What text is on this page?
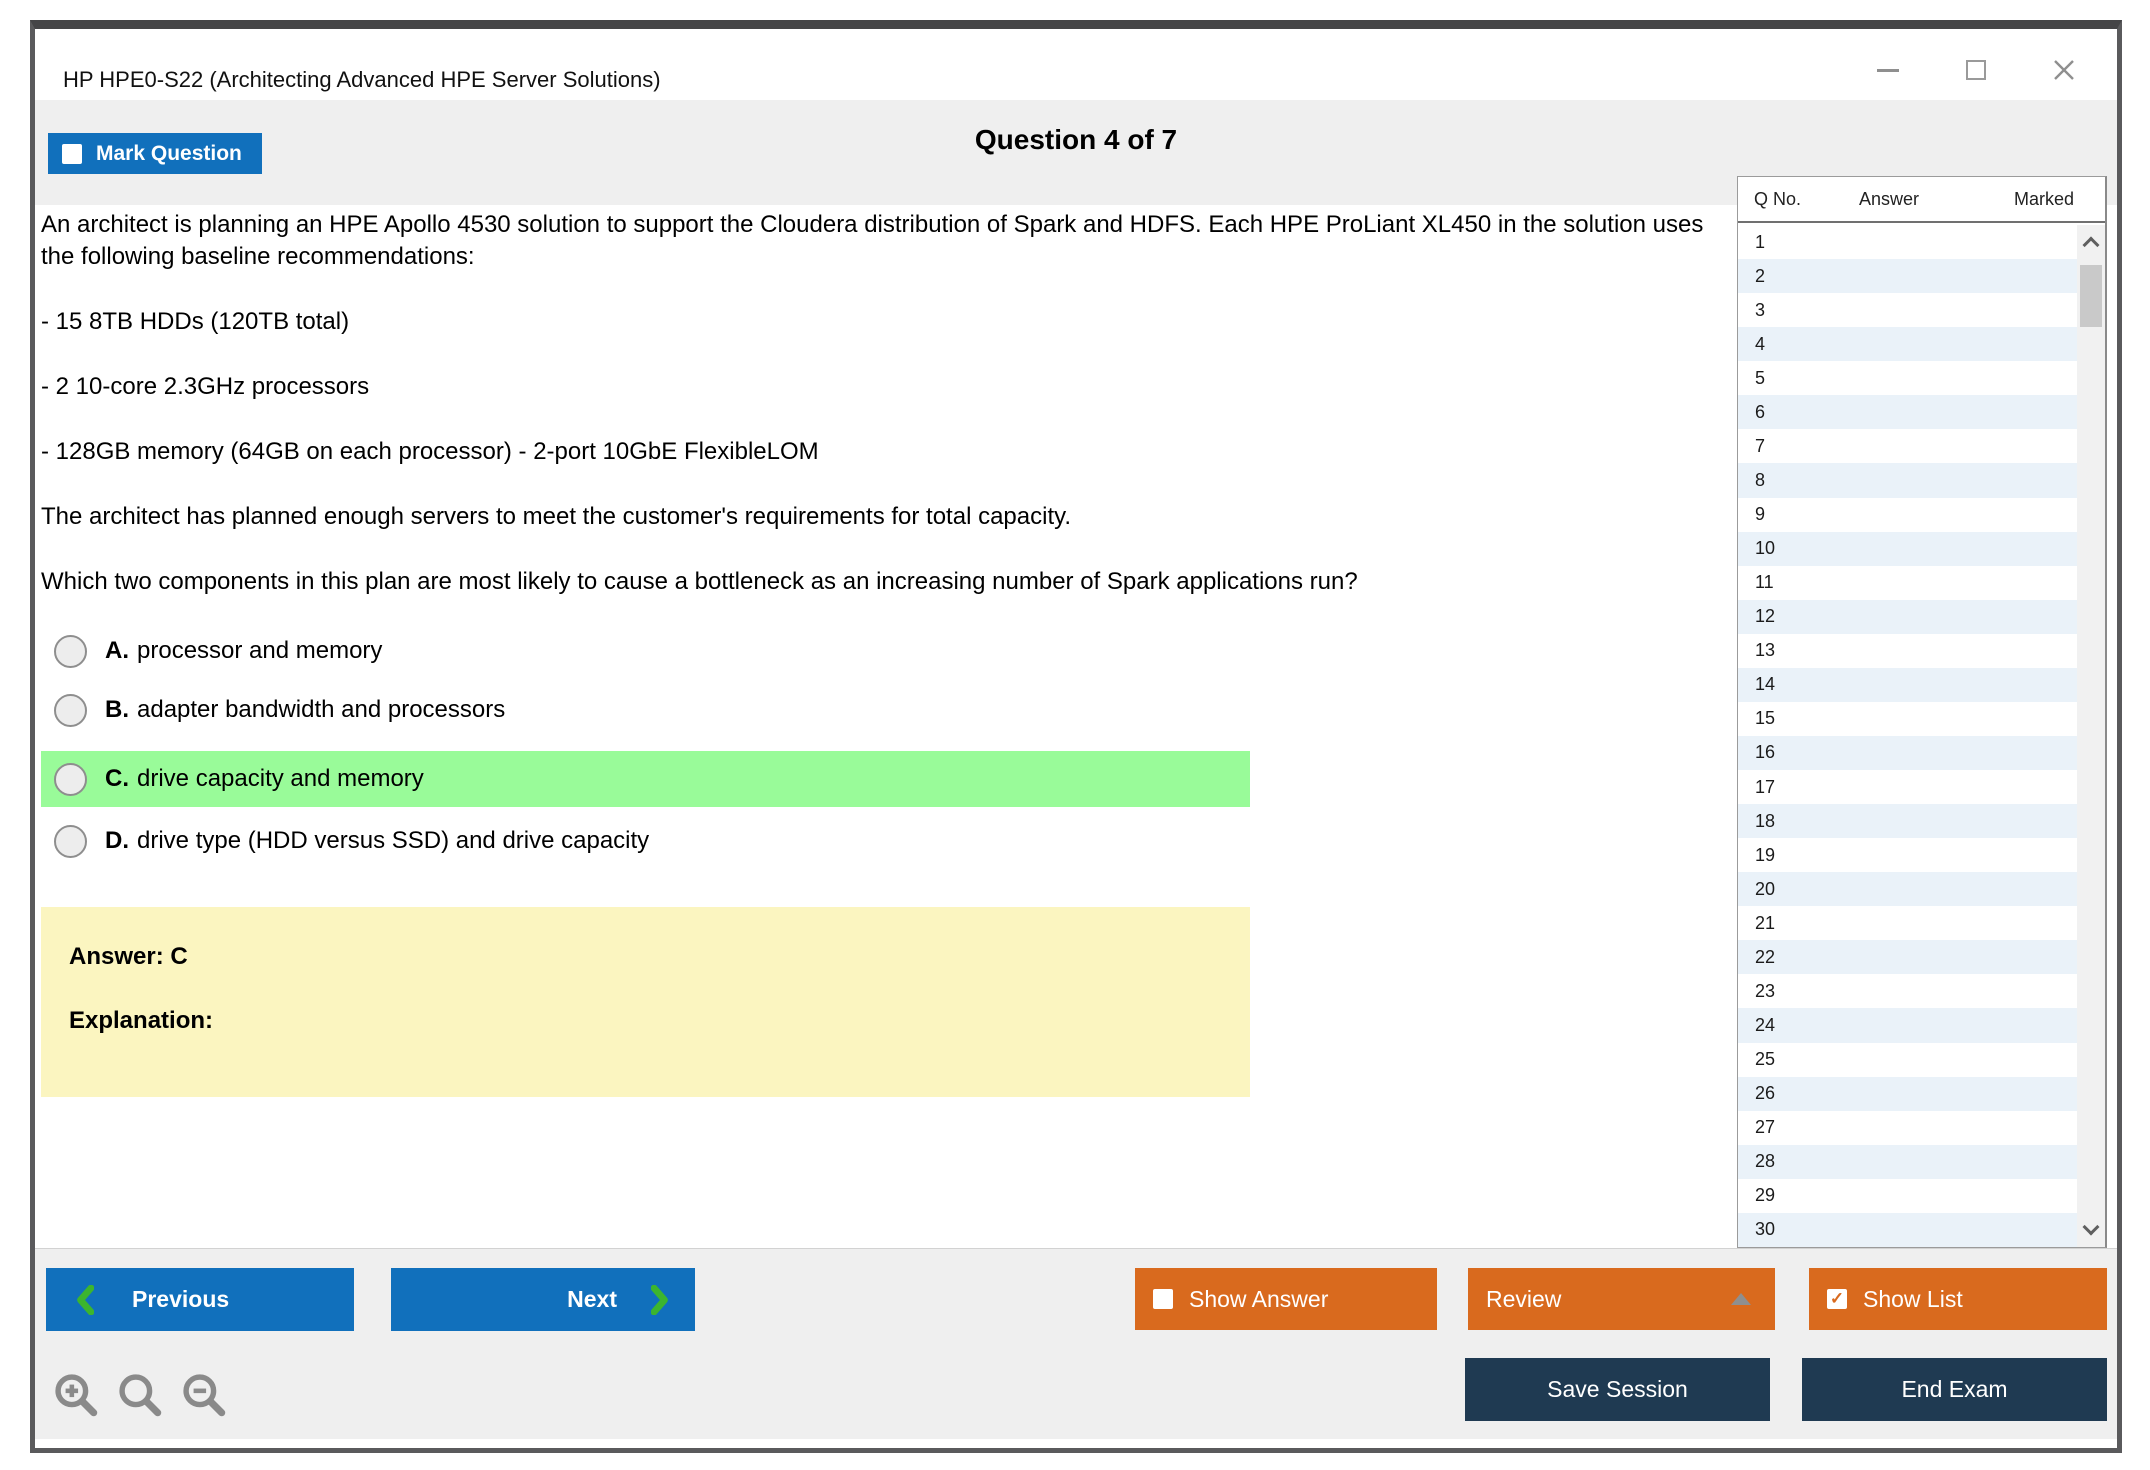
HP HPE0-S22 (Architecting Advanced HPE Server Solutions)
Mark Question	Question 4 of 7

An architect is planning an HPE Apollo 4530 solution to support the Cloudera distribution of Spark and HDFS. Each HPE ProLiant XL450 in the solution uses the following baseline recommendations:

- 15 8TB HDDs (120TB total)

- 2 10-core 2.3GHz processors

- 128GB memory (64GB on each processor) - 2-port 10GbE FlexibleLOM

The architect has planned enough servers to meet the customer's requirements for total capacity.

Which two components in this plan are most likely to cause a bottleneck as an increasing number of Spark applications run?

A. processor and memory
B. adapter bandwidth and processors
C. drive capacity and memory
D. drive type (HDD versus SSD) and drive capacity
Answer: C
Explanation:
Q No.	Answer	Marked
1
2
3
4
5
6
7
8
9
10
11
12
13
14
15
16
17
18
19
20
21
22
23
24
25
26
27
28
29
30
Previous	Next	Show Answer	Review	✓ Show List
Save Session	End Exam
